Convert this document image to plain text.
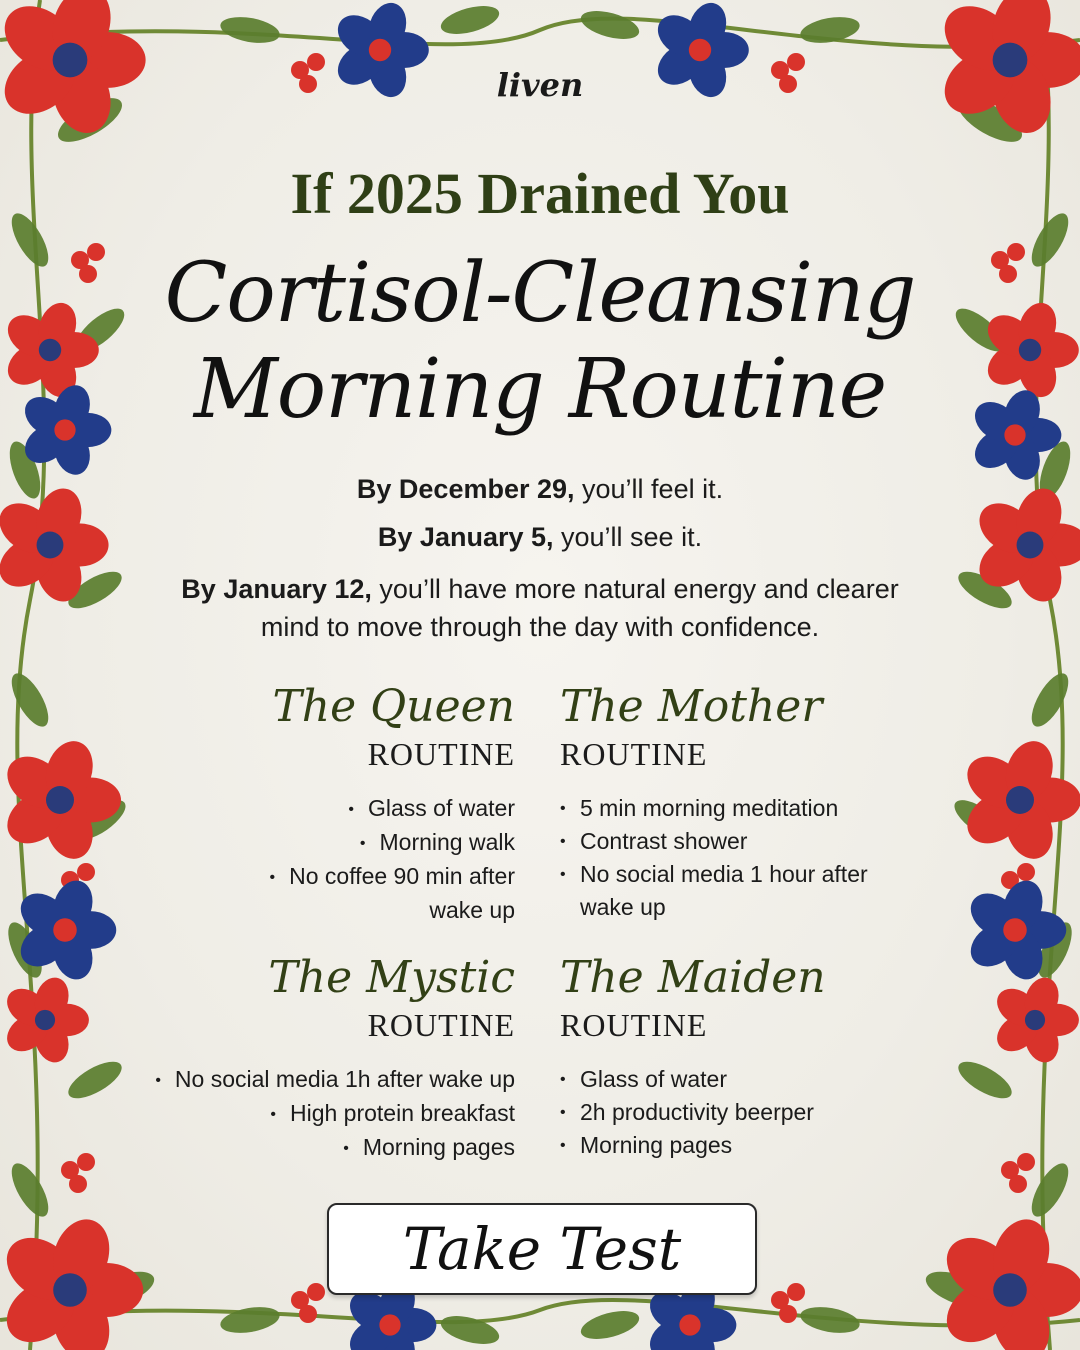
liven
If 2025 Drained You
Cortisol-Cleansing
Morning Routine
By December 29, you’ll feel it.
By January 5, you’ll see it.
By January 12, you’ll have more natural energy and clearer mind to move through the day with confidence.
The Queen
ROUTINE
• Glass of water
• Morning walk
• No coffee 90 min after
wake up
The Mother
ROUTINE
• 5 min morning meditation
• Contrast shower
• No social media 1 hour after wake up
The Mystic
ROUTINE
• No social media 1h after wake up
• High protein breakfast
• Morning pages
The Maiden
ROUTINE
• Glass of water
• 2h productivity beerper
• Morning pages
Take Test
